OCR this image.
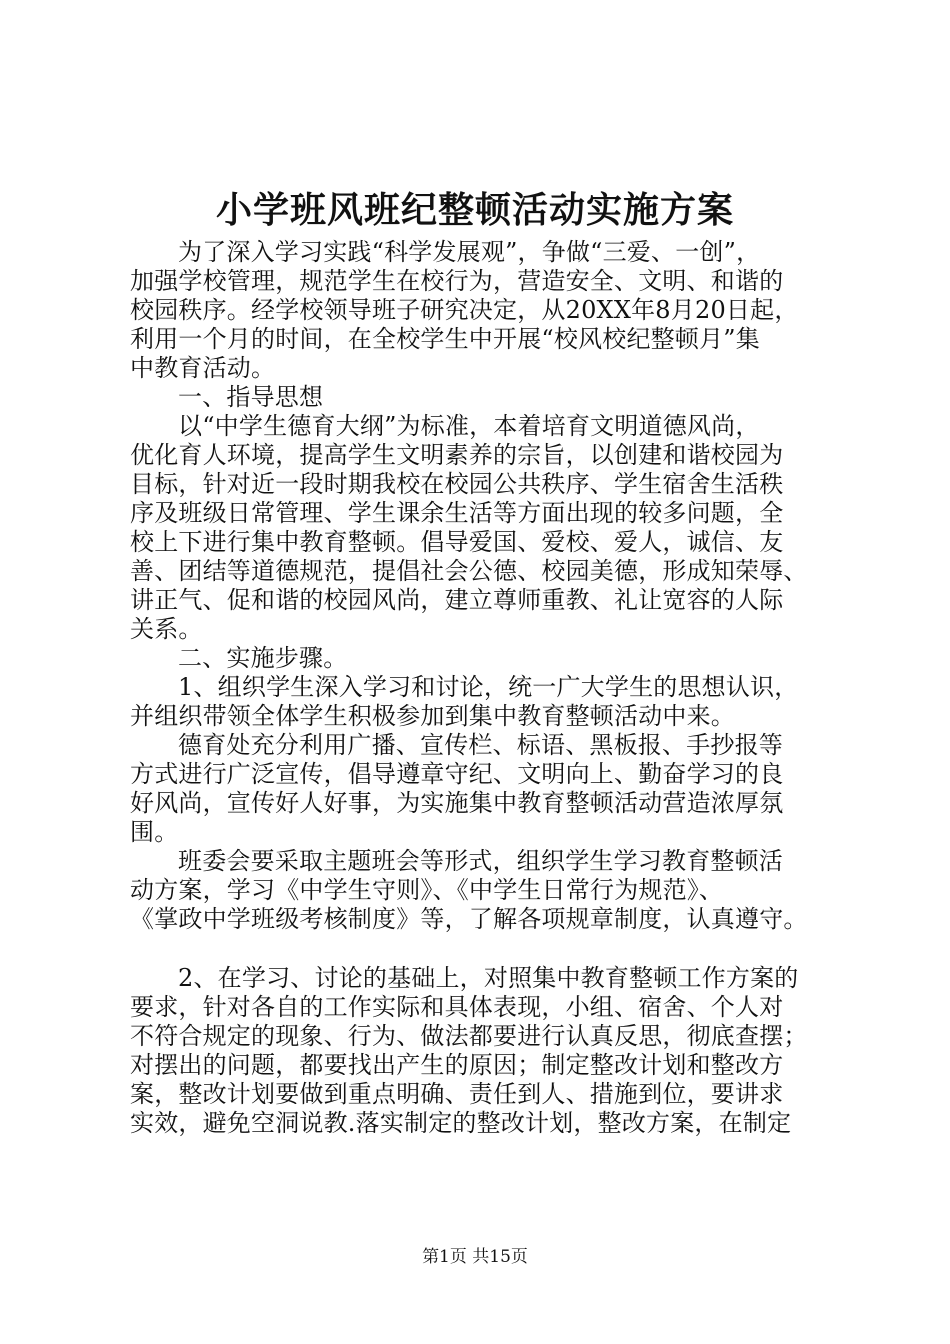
小学班风班纪整顿活动实施方案
为了深入学习实践“科学发展观”，争做“三爱、一创”，
加强学校管理，规范学生在校行为，营造安全、文明、和谐的
校园秩序。经学校领导班子研究决定，从20XX年8月20日起，
利用一个月的时间，在全校学生中开展“校风校纪整顿月”集
中教育活动。
一、指导思想
以“中学生德育大纲”为标准，本着培育文明道德风尚，
优化育人环境，提高学生文明素养的宗旨，以创建和谐校园为
目标，针对近一段时期我校在校园公共秩序、学生宿舍生活秩
序及班级日常管理、学生课余生活等方面出现的较多问题，全
校上下进行集中教育整顿。倡导爱国、爱校、爱人，诚信、友
善、团结等道德规范，提倡社会公德、校园美德，形成知荣辱、
讲正气、促和谐的校园风尚，建立尊师重教、礼让宽容的人际
关系。
二、实施步骤。
1、组织学生深入学习和讨论，统一广大学生的思想认识，
并组织带领全体学生积极参加到集中教育整顿活动中来。
德育处充分利用广播、宣传栏、标语、黑板报、手抄报等
方式进行广泛宣传，倡导遵章守纪、文明向上、勤奋学习的良
好风尚，宣传好人好事，为实施集中教育整顿活动营造浓厚氛
围。
班委会要采取主题班会等形式，组织学生学习教育整顿活
动方案，学习《中学生守则》、《中学生日常行为规范》、
《掌政中学班级考核制度》等，了解各项规章制度，认真遵守。
2、在学习、讨论的基础上，对照集中教育整顿工作方案的
要求，针对各自的工作实际和具体表现，小组、宿舍、个人对
不符合规定的现象、行为、做法都要进行认真反思，彻底查摆；
对摆出的问题，都要找出产生的原因；制定整改计划和整改方
案，整改计划要做到重点明确、责任到人、措施到位，要讲求
实效，避免空洞说教.落实制定的整改计划，整改方案，在制定
第1页 共15页
